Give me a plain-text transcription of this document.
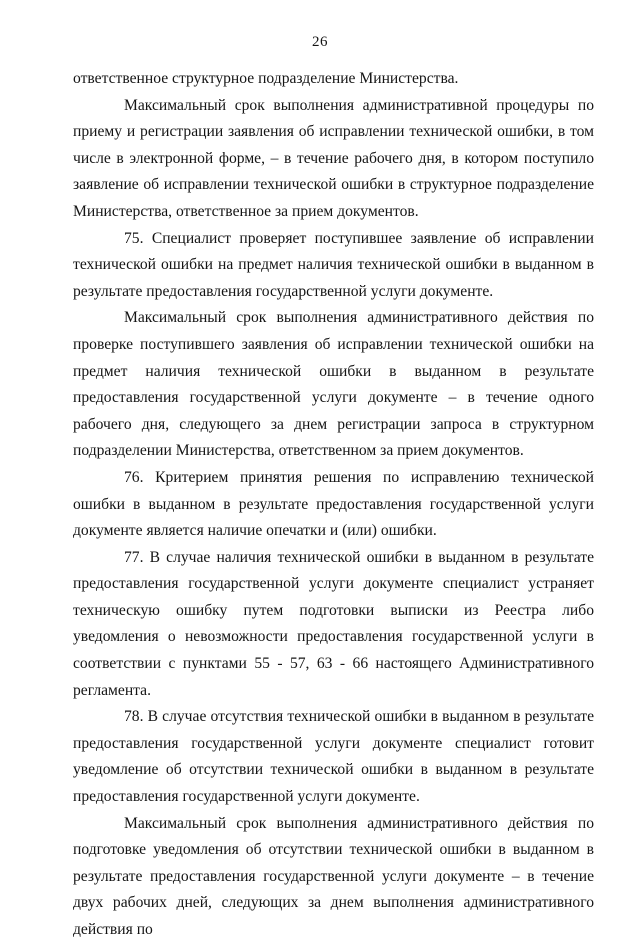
26

ответственное структурное подразделение Министерства.

Максимальный срок выполнения административной процедуры по приему и регистрации заявления об исправлении технической ошибки, в том числе в электронной форме, – в течение рабочего дня, в котором поступило заявление об исправлении технической ошибки в структурное подразделение Министерства, ответственное за прием документов.

75. Специалист проверяет поступившее заявление об исправлении технической ошибки на предмет наличия технической ошибки в выданном в результате предоставления государственной услуги документе.

Максимальный срок выполнения административного действия по проверке поступившего заявления об исправлении технической ошибки на предмет наличия технической ошибки в выданном в результате предоставления государственной услуги документе – в течение одного рабочего дня, следующего за днем регистрации запроса в структурном подразделении Министерства, ответственном за прием документов.

76. Критерием принятия решения по исправлению технической ошибки в выданном в результате предоставления государственной услуги документе является наличие опечатки и (или) ошибки.

77. В случае наличия технической ошибки в выданном в результате предоставления государственной услуги документе специалист устраняет техническую ошибку путем подготовки выписки из Реестра либо уведомления о невозможности предоставления государственной услуги в соответствии с пунктами 55 - 57, 63 - 66 настоящего Административного регламента.

78. В случае отсутствия технической ошибки в выданном в результате предоставления государственной услуги документе специалист готовит уведомление об отсутствии технической ошибки в выданном в результате предоставления государственной услуги документе.

Максимальный срок выполнения административного действия по подготовке уведомления об отсутствии технической ошибки в выданном в результате предоставления государственной услуги документе – в течение двух рабочих дней, следующих за днем выполнения административного действия по
